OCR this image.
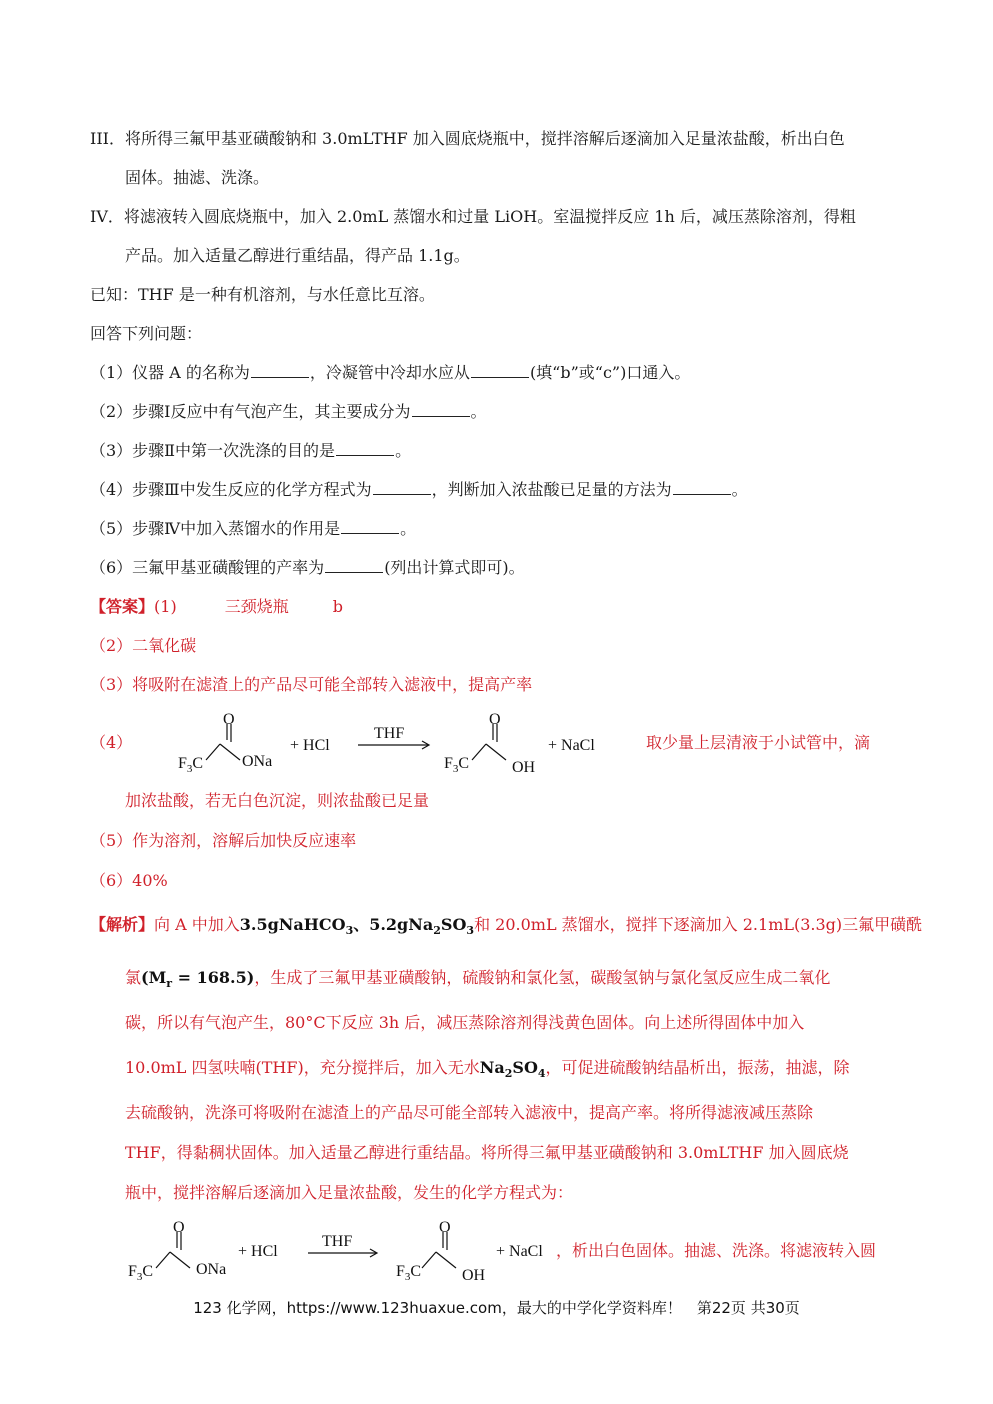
III．将所得三氟甲基亚磺酸钠和 3.0mLTHF 加入圆底烧瓶中，搅拌溶解后逐滴加入足量浓盐酸，析出白色
固体。抽滤、洗涤。
IV．将滤液转入圆底烧瓶中，加入 2.0mL 蒸馏水和过量 LiOH。室温搅拌反应 1h 后，减压蒸除溶剂，得粗
产品。加入适量乙醇进行重结晶，得产品 1.1g。
已知：THF 是一种有机溶剂，与水任意比互溶。
回答下列问题：
（1）仪器 A 的名称为	，冷凝管中冷却水应从	(填“b”或“c”)口通入。
（2）步骤Ⅰ反应中有气泡产生，其主要成分为	。
（3）步骤Ⅱ中第一次洗涤的目的是	。
（4）步骤Ⅲ中发生反应的化学方程式为	，判断加入浓盐酸已足量的方法为	。
（5）步骤Ⅳ中加入蒸馏水的作用是	。
（6）三氟甲基亚磺酸锂的产率为	(列出计算式即可)。
【答案】(1)	三颈烧瓶	b
（2）二氧化碳
（3）将吸附在滤渣上的产品尽可能全部转入滤液中，提高产率
（4）
O
$F_3C$ ONa
+ HCl
THF
O
$F_3C$	OH
+ NaCl	取少量上层清液于小试管中，滴
加浓盐酸，若无白色沉淀，则浓盐酸已足量
（5）作为溶剂，溶解后加快反应速率
（6）40%
【解析】向 A 中加入3.5gNaHCO$_3$、$5.2gNa_2SO_3$和 20.0mL 蒸馏水，搅拌下逐滴加入 2.1mL(3.3g)三氟甲磺酰
氯$(M_r = 168.5)$，生成了三氟甲基亚磺酸钠，硫酸钠和氯化氢，碳酸氢钠与氯化氢反应生成二氧化
碳，所以有气泡产生，80°C下反应 3h 后，减压蒸除溶剂得浅黄色固体。向上述所得固体中加入
10.0mL 四氢呋喃(THF)，充分搅拌后，加入无水$Na_2SO_4$，可促进硫酸钠结晶析出，振荡，抽滤，除
去硫酸钠，洗涤可将吸附在滤渣上的产品尽可能全部转入滤液中，提高产率。将所得滤液减压蒸除
THF，得黏稠状固体。加入适量乙醇进行重结晶。将所得三氟甲基亚磺酸钠和 3.0mLTHF 加入圆底烧
瓶中，搅拌溶解后逐滴加入足量浓盐酸，发生的化学方程式为：
O
$F_3C$	ONa
+ HCl
THF
O
$F_3C$	OH
+ NaCl ，析出白色固体。抽滤、洗涤。将滤液转入圆
123 化学网，https://www.123huaxue.com，最大的中学化学资料库！　第22页 共30页
